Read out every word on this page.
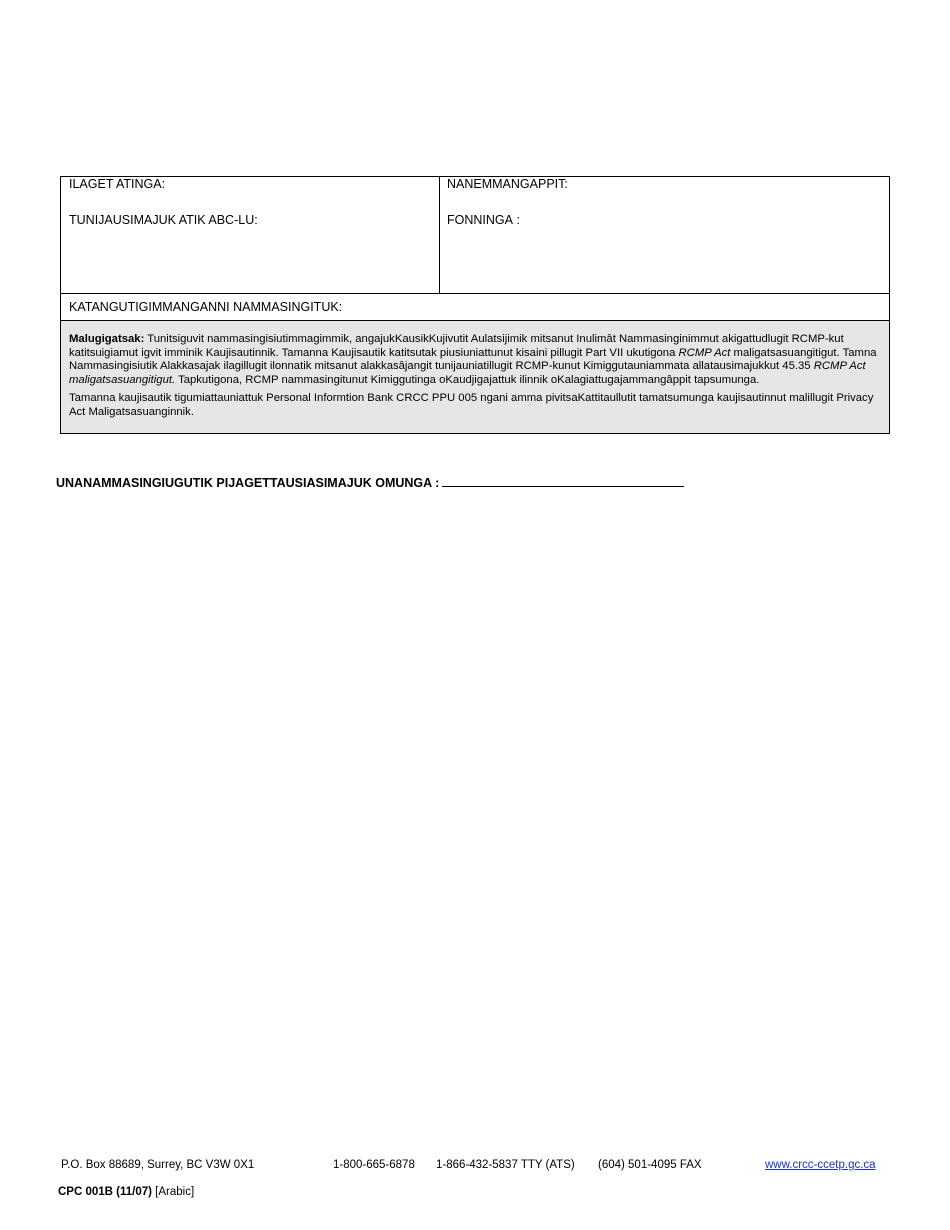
ILAGET ATINGA:
TUNIJAUSIMAJUK ATIK ABC-LU:
NANEMMANGAPPIT:
FONNINGA :
KATANGUTIGIMMANGANNI NAMMASINGITUK:

Malugigatsak: Tunitsiguvit nammasingisiutimmagimmik, angajukKausikKujivutit Aulatsijimik mitsanut Inulimât Nammasinginimmut akigattudlugit RCMP-kut katitsuigiamut igvit imminik Kaujisautinnik. Tamanna Kaujisautik katitsutak piusiuniattunut kisaini pillugit Part VII ukutigona RCMP Act maligatsasuangitigut. Tamna Nammasingisiutik Alakkasajak ilagillugit ilonnatik mitsanut alakkasâjangit tunijauniatillugit RCMP-kunut Kimiggutauniammata allatausimajukkut 45.35 RCMP Act maligatsasuangitigut. Tapkutigona, RCMP nammasingitunut Kimiggutinga oKaudjigajattuk ilinnik oKalagiattugajammangâppit tapsumunga.

Tamanna kaujisautik tigumiattauniattuk Personal Informtion Bank CRCC PPU 005 ngani amma pivitsaKattitaullutit tamatsumunga kaujisautinnut malillugit Privacy Act Maligatsasuanginnik.

UNANAMMASINGIUGUTIK PIJAGETTAUSIASIMAJUK OMUNGA :
P.O. Box 88689, Surrey, BC V3W 0X1	1-800-665-6878 1-866-432-5837 TTY (ATS) (604) 501-4095 FAX	www.crcc-ccetp.gc.ca
CPC 001B (11/07) [Arabic]
